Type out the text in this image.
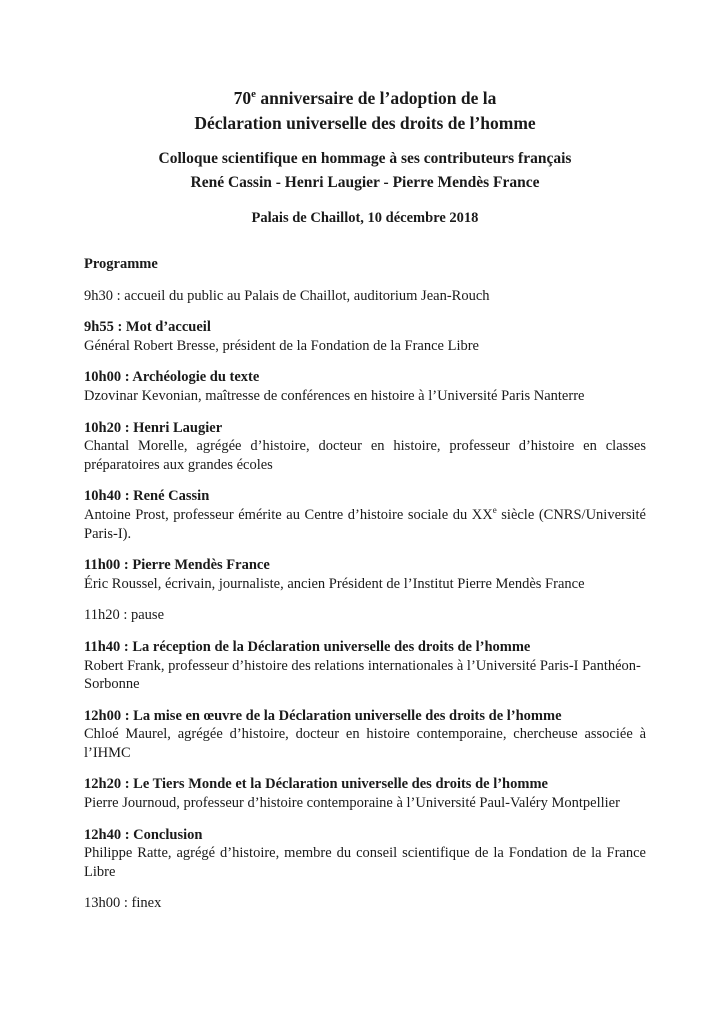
70e anniversaire de l’adoption de la
Déclaration universelle des droits de l’homme
Colloque scientifique en hommage à ses contributeurs français
René Cassin - Henri Laugier - Pierre Mendès France
Palais de Chaillot, 10 décembre 2018
Programme

9h30 : accueil du public au Palais de Chaillot, auditorium Jean-Rouch

9h55 : Mot d’accueil

Général Robert Bresse, président de la Fondation de la France Libre

10h00 : Archéologie du texte

Dzovinar Kevonian, maîtresse de conférences en histoire à l’Université Paris Nanterre

10h20 : Henri Laugier

Chantal Morelle, agrégée d’histoire, docteur en histoire, professeur d’histoire en classes préparatoires aux grandes écoles

10h40 : René Cassin

Antoine Prost, professeur émérite au Centre d’histoire sociale du XXe siècle (CNRS/Université Paris-I).

11h00 : Pierre Mendès France

Éric Roussel, écrivain, journaliste, ancien Président de l’Institut Pierre Mendès France

11h20 : pause

11h40 : La réception de la Déclaration universelle des droits de l’homme

Robert Frank, professeur d’histoire des relations internationales à l’Université Paris-I Panthéon-Sorbonne

12h00 : La mise en œuvre de la Déclaration universelle des droits de l’homme

Chloé Maurel, agrégée d’histoire, docteur en histoire contemporaine, chercheuse associée à l’IHMC

12h20 : Le Tiers Monde et la Déclaration universelle des droits de l’homme

Pierre Journoud, professeur d’histoire contemporaine à l’Université Paul-Valéry Montpellier

12h40 : Conclusion

Philippe Ratte, agrégé d’histoire, membre du conseil scientifique de la Fondation de la France Libre

13h00 : finex
